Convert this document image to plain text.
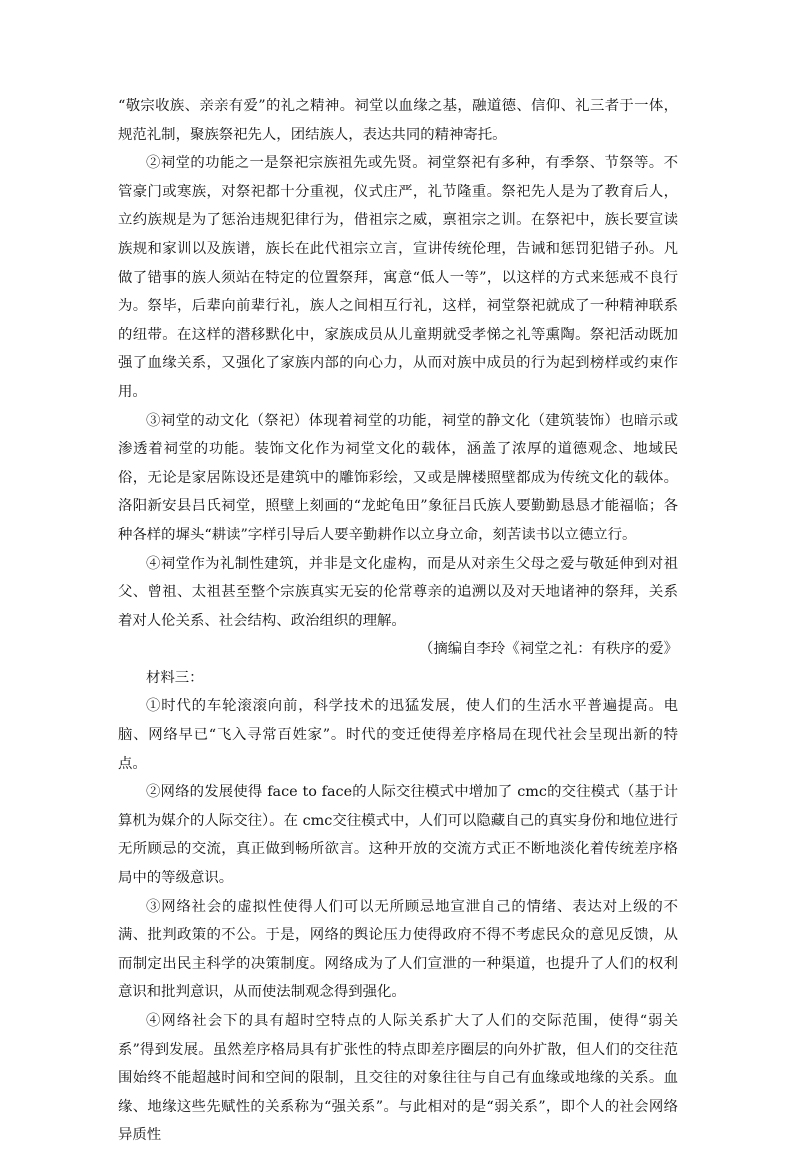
“敬宗收族、亲亲有爱”的礼之精神。祠堂以血缘之基，融道德、信仰、礼三者于一体，规范礼制，聚族祭祀先人，团结族人，表达共同的精神寄托。

②祠堂的功能之一是祭祀宗族祖先或先贤。祠堂祭祀有多种，有季祭、节祭等。不管豪门或寒族，对祭祀都十分重视，仪式庄严，礼节隆重。祭祀先人是为了教育后人，立约族规是为了惩治违规犯律行为，借祖宗之威，禀祖宗之训。在祭祀中，族长要宣读族规和家训以及族谱，族长在此代祖宗立言，宣讲传统伦理，告诫和惩罚犯错子孙。凡做了错事的族人须站在特定的位置祭拜，寓意“低人一等”，以这样的方式来惩戒不良行为。祭毕，后辈向前辈行礼，族人之间相互行礼，这样，祠堂祭祀就成了一种精神联系的纽带。在这样的潜移默化中，家族成员从儿童期就受孝悌之礼等熏陶。祭祀活动既加强了血缘关系，又强化了家族内部的向心力，从而对族中成员的行为起到榜样或约束作用。

③祠堂的动文化（祭祀）体现着祠堂的功能，祠堂的静文化（建筑装饰）也暗示或渗透着祠堂的功能。装饰文化作为祠堂文化的载体，涵盖了浓厚的道德观念、地域民俗，无论是家居陈设还是建筑中的雕饰彩绘，又或是牌楼照壁都成为传统文化的载体。洛阳新安县吕氏祠堂，照壁上刻画的“龙蛇龟田”象征吕氏族人要勤勤恳恳才能福临；各种各样的墀头“耕读”字样引导后人要辛勤耕作以立身立命，刻苦读书以立德立行。

④祠堂作为礼制性建筑，并非是文化虚构，而是从对亲生父母之爱与敬延伸到对祖父、曾祖、太祖甚至整个宗族真实无妄的伦常尊亲的追溯以及对天地诸神的祭拜，关系着对人伦关系、社会结构、政治组织的理解。

（摘编自李玲《祠堂之礼：有秩序的爱》

材料三：

①时代的车轮滚滚向前，科学技术的迅猛发展，使人们的生活水平普遍提高。电脑、网络早已“飞入寻常百姓家”。时代的变迁使得差序格局在现代社会呈现出新的特点。

②网络的发展使得 face to face的人际交往模式中增加了 cmc的交往模式（基于计算机为媒介的人际交往）。在 cmc交往模式中，人们可以隐藏自己的真实身份和地位进行无所顾忌的交流，真正做到畅所欲言。这种开放的交流方式正不断地淡化着传统差序格局中的等级意识。

③网络社会的虚拟性使得人们可以无所顾忌地宣泄自己的情绪、表达对上级的不满、批判政策的不公。于是，网络的舆论压力使得政府不得不考虑民众的意见反馈，从而制定出民主科学的决策制度。网络成为了人们宣泄的一种渠道，也提升了人们的权利意识和批判意识，从而使法制观念得到强化。

④网络社会下的具有超时空特点的人际关系扩大了人们的交际范围，使得“弱关系”得到发展。虽然差序格局具有扩张性的特点即差序圈层的向外扩散，但人们的交往范围始终不能超越时间和空间的限制，且交往的对象往往与自己有血缘或地缘的关系。血缘、地缘这些先赋性的关系称为“强关系”。与此相对的是“弱关系”，即个人的社会网络异质性
